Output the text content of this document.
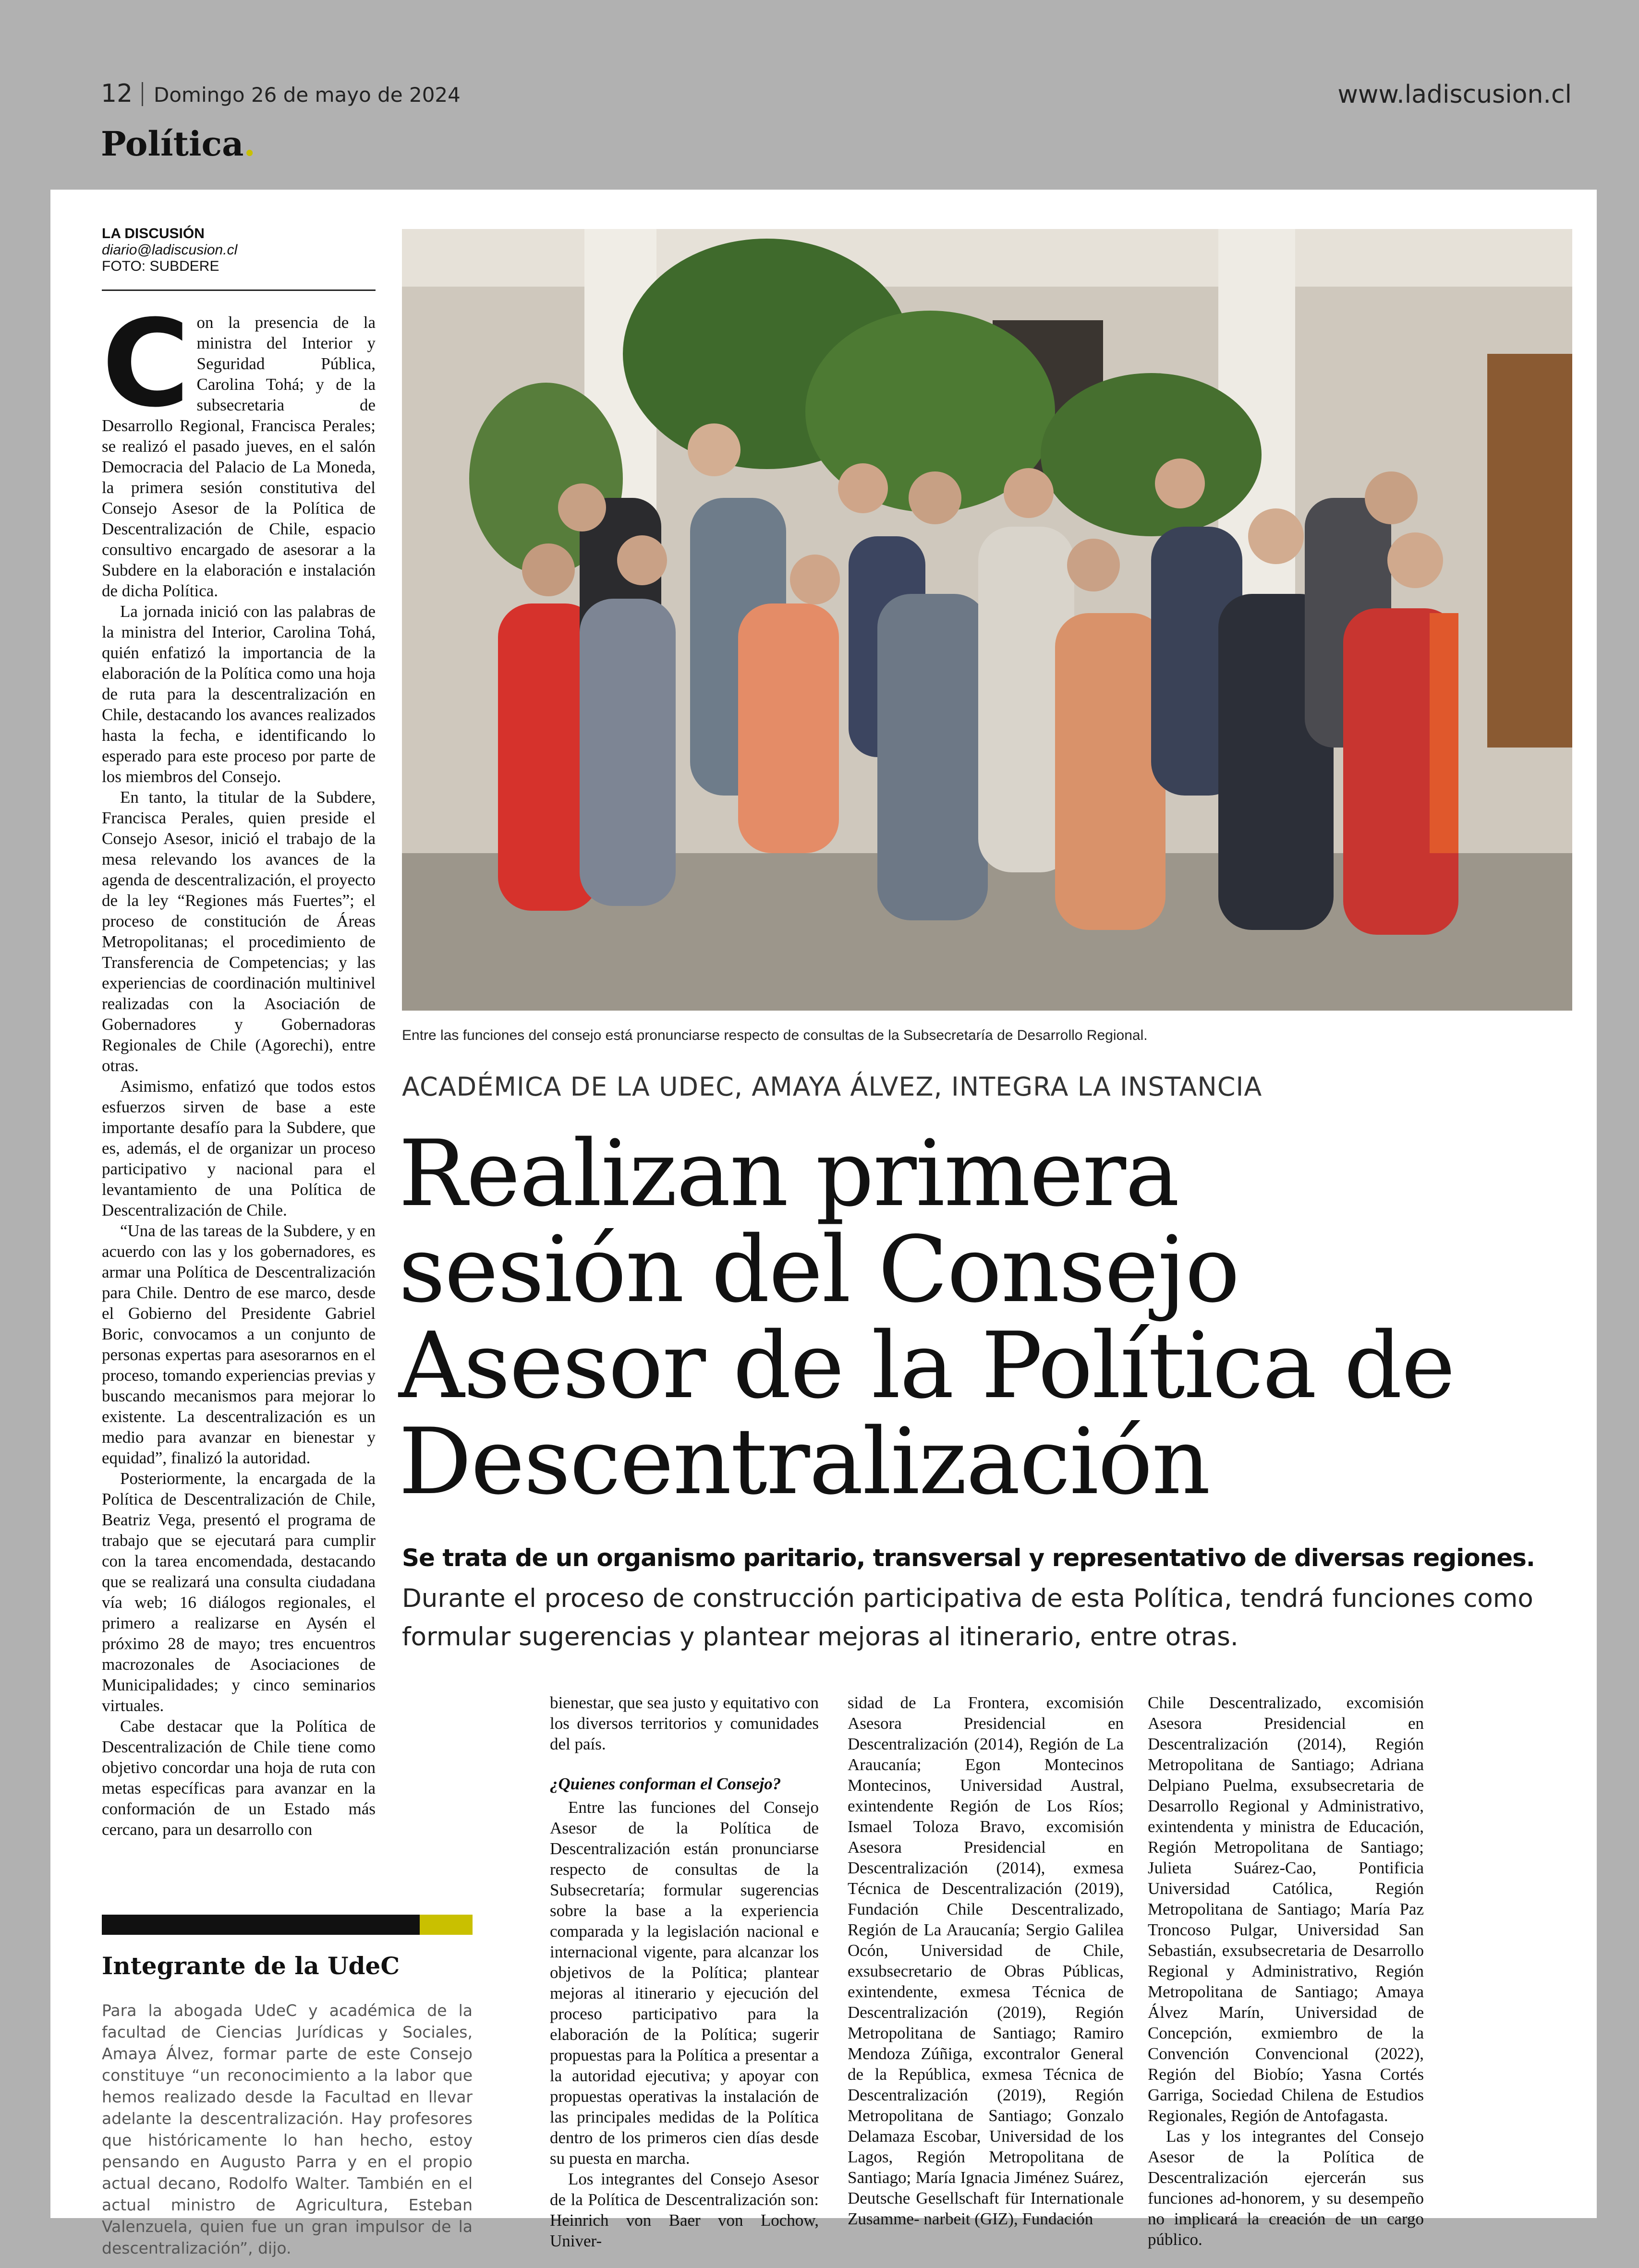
12 Domingo 26 de mayo de 2024	www.ladiscusion.cl
Política.
LA DISCUSIÓN
diario@ladiscusion.cl
FOTO: SUBDERE

Con la presencia de la ministra del Interior y Seguridad Pública, Carolina Tohá; y de la subsecretaria de Desarrollo Regional, Francisca Perales; se realizó el pasado jueves, en el salón Democracia del Palacio de La Moneda, la primera sesión constitutiva del Consejo Asesor de la Política de Descentralización de Chile, espacio consultivo encargado de asesorar a la Subdere en la elaboración e instalación de dicha Política.

La jornada inició con las palabras de la ministra del Interior, Carolina Tohá, quién enfatizó la importancia de la elaboración de la Política como una hoja de ruta para la descentralización en Chile, destacando los avances realizados hasta la fecha, e identificando lo esperado para este proceso por parte de los miembros del Consejo.

En tanto, la titular de la Subdere, Francisca Perales, quien preside el Consejo Asesor, inició el trabajo de la mesa relevando los avances de la agenda de descentralización, el proyecto de la ley “Regiones más Fuertes”; el proceso de constitución de Áreas Metropolitanas; el procedimiento de Transferencia de Competencias; y las experiencias de coordinación multinivel realizadas con la Asociación de Gobernadores y Gobernadoras Regionales de Chile (Agorechi), entre otras.

Asimismo, enfatizó que todos estos esfuerzos sirven de base a este importante desafío para la Subdere, que es, además, el de organizar un proceso participativo y nacional para el levantamiento de una Política de Descentralización de Chile.

“Una de las tareas de la Subdere, y en acuerdo con las y los gobernadores, es armar una Política de Descentralización para Chile. Dentro de ese marco, desde el Gobierno del Presidente Gabriel Boric, convocamos a un conjunto de personas expertas para asesorarnos en el proceso, tomando experiencias previas y buscando mecanismos para mejorar lo existente. La descentralización es un medio para avanzar en bienestar y equidad”, finalizó la autoridad.

Posteriormente, la encargada de la Política de Descentralización de Chile, Beatriz Vega, presentó el programa de trabajo que se ejecutará para cumplir con la tarea encomendada, destacando que se realizará una consulta ciudadana vía web; 16 diálogos regionales, el primero a realizarse en Aysén el próximo 28 de mayo; tres encuentros macrozonales de Asociaciones de Municipalidades; y cinco seminarios virtuales.

Cabe destacar que la Política de Descentralización de Chile tiene como objetivo concordar una hoja de ruta con metas específicas para avanzar en la conformación de un Estado más cercano, para un desarrollo con

Entre las funciones del consejo está pronunciarse respecto de consultas de la Subsecretaría de Desarrollo Regional.
ACADÉMICA DE LA UDEC, AMAYA ÁLVEZ, INTEGRA LA INSTANCIA
Realizan primera
sesión del Consejo
Asesor de la Política de
Descentralización
Se trata de un organismo paritario, transversal y representativo de diversas regiones.
Durante el proceso de construcción participativa de esta Política, tendrá funciones como formular sugerencias y plantear mejoras al itinerario, entre otras.

bienestar, que sea justo y equitativo con los diversos territorios y comunidades del país.

¿Quienes conforman el Consejo?

Entre las funciones del Consejo Asesor de la Política de Descentralización están pronunciarse respecto de consultas de la Subsecretaría; formular sugerencias sobre la base a la experiencia comparada y la legislación nacional e internacional vigente, para alcanzar los objetivos de la Política; plantear mejoras al itinerario y ejecución del proceso participativo para la elaboración de la Política; sugerir propuestas para la Política a presentar a la autoridad ejecutiva; y apoyar con propuestas operativas la instalación de las principales medidas de la Política dentro de los primeros cien días desde su puesta en marcha.

Los integrantes del Consejo Asesor de la Política de Descentralización son: Heinrich von Baer von Lochow, Univer-

sidad de La Frontera, excomisión Asesora Presidencial en Descentralización (2014), Región de La Araucanía; Egon Montecinos Montecinos, Universidad Austral, exintendente Región de Los Ríos; Ismael Toloza Bravo, excomisión Asesora Presidencial en Descentralización (2014), exmesa Técnica de Descentralización (2019), Fundación Chile Descentralizado, Región de La Araucanía; Sergio Galilea Ocón, Universidad de Chile, exsubsecretario de Obras Públicas, exintendente, exmesa Técnica de Descentralización (2019), Región Metropolitana de Santiago; Ramiro Mendoza Zúñiga, excontralor General de la República, exmesa Técnica de Descentralización (2019), Región Metropolitana de Santiago; Gonzalo Delamaza Escobar, Universidad de los Lagos, Región Metropolitana de Santiago; María Ignacia Jiménez Suárez, Deutsche Gesellschaft für Internationale Zusamme- narbeit (GIZ), Fundación

Chile Descentralizado, excomisión Asesora Presidencial en Descentralización (2014), Región Metropolitana de Santiago; Adriana Delpiano Puelma, exsubsecretaria de Desarrollo Regional y Administrativo, exintendenta y ministra de Educación, Región Metropolitana de Santiago; Julieta Suárez-Cao, Pontificia Universidad Católica, Región Metropolitana de Santiago; María Paz Troncoso Pulgar, Universidad San Sebastián, exsubsecretaria de Desarrollo Regional y Administrativo, Región Metropolitana de Santiago; Amaya Álvez Marín, Universidad de Concepción, exmiembro de la Convención Convencional (2022), Región del Biobío; Yasna Cortés Garriga, Sociedad Chilena de Estudios Regionales, Región de Antofagasta.

Las y los integrantes del Consejo Asesor de la Política de Descentralización ejercerán sus funciones ad-honorem, y su desempeño no implicará la creación de un cargo público.

Integrante de la UdeC
Para la abogada UdeC y académica de la facultad de Ciencias Jurídicas y Sociales, Amaya Álvez, formar parte de este Consejo constituye “un reconocimiento a la labor que hemos realizado desde la Facultad en llevar adelante la descentralización. Hay profesores que históricamente lo han hecho, estoy pensando en Augusto Parra y en el propio actual decano, Rodolfo Walter. También en el actual ministro de Agricultura, Esteban Valenzuela, quien fue un gran impulsor de la descentralización”, dijo.
